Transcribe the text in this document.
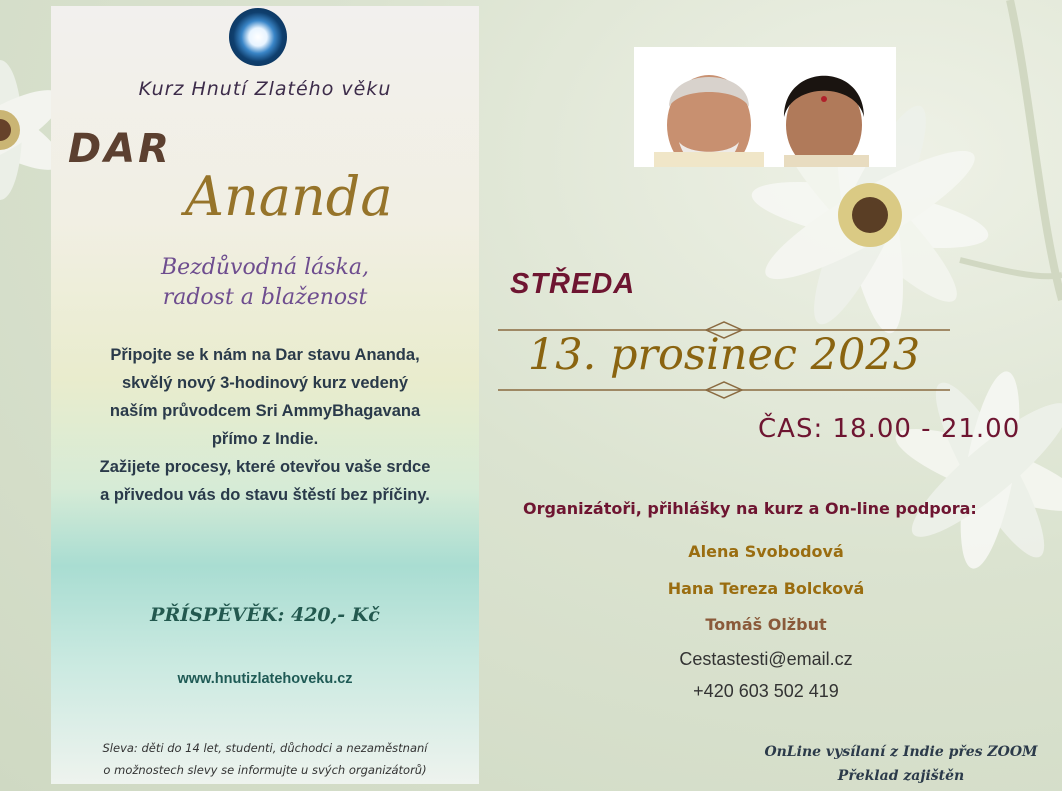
Kurz Hnutí Zlatého věku
DAR
Ananda
Bezdůvodná láska,
radost a blaženost
Připojte se k nám na Dar stavu Ananda,
skvělý nový 3-hodinový kurz vedený
naším průvodcem Sri AmmyBhagavana
přímo z Indie.
Zažijete procesy, které otevřou vaše srdce
a přivedou vás do stavu štěstí bez příčiny.
PŘÍSPĚVĚK: 420,- Kč
www.hnutizlatehoveku.cz
Sleva: děti do 14 let, studenti, důchodci a nezaměstnaní
o možnostech slevy se informujte u svých organizátorů)
STŘEDA
13. prosinec 2023
ČAS: 18.00 - 21.00
Organizátoři, přihlášky na kurz a On-line podpora:
Alena Svobodová
Hana Tereza Bolcková
Tomáš Olžbut
Cestastesti@email.cz
+420 603 502 419
OnLine vysílaní z Indie přes ZOOM
Překlad zajištěn
